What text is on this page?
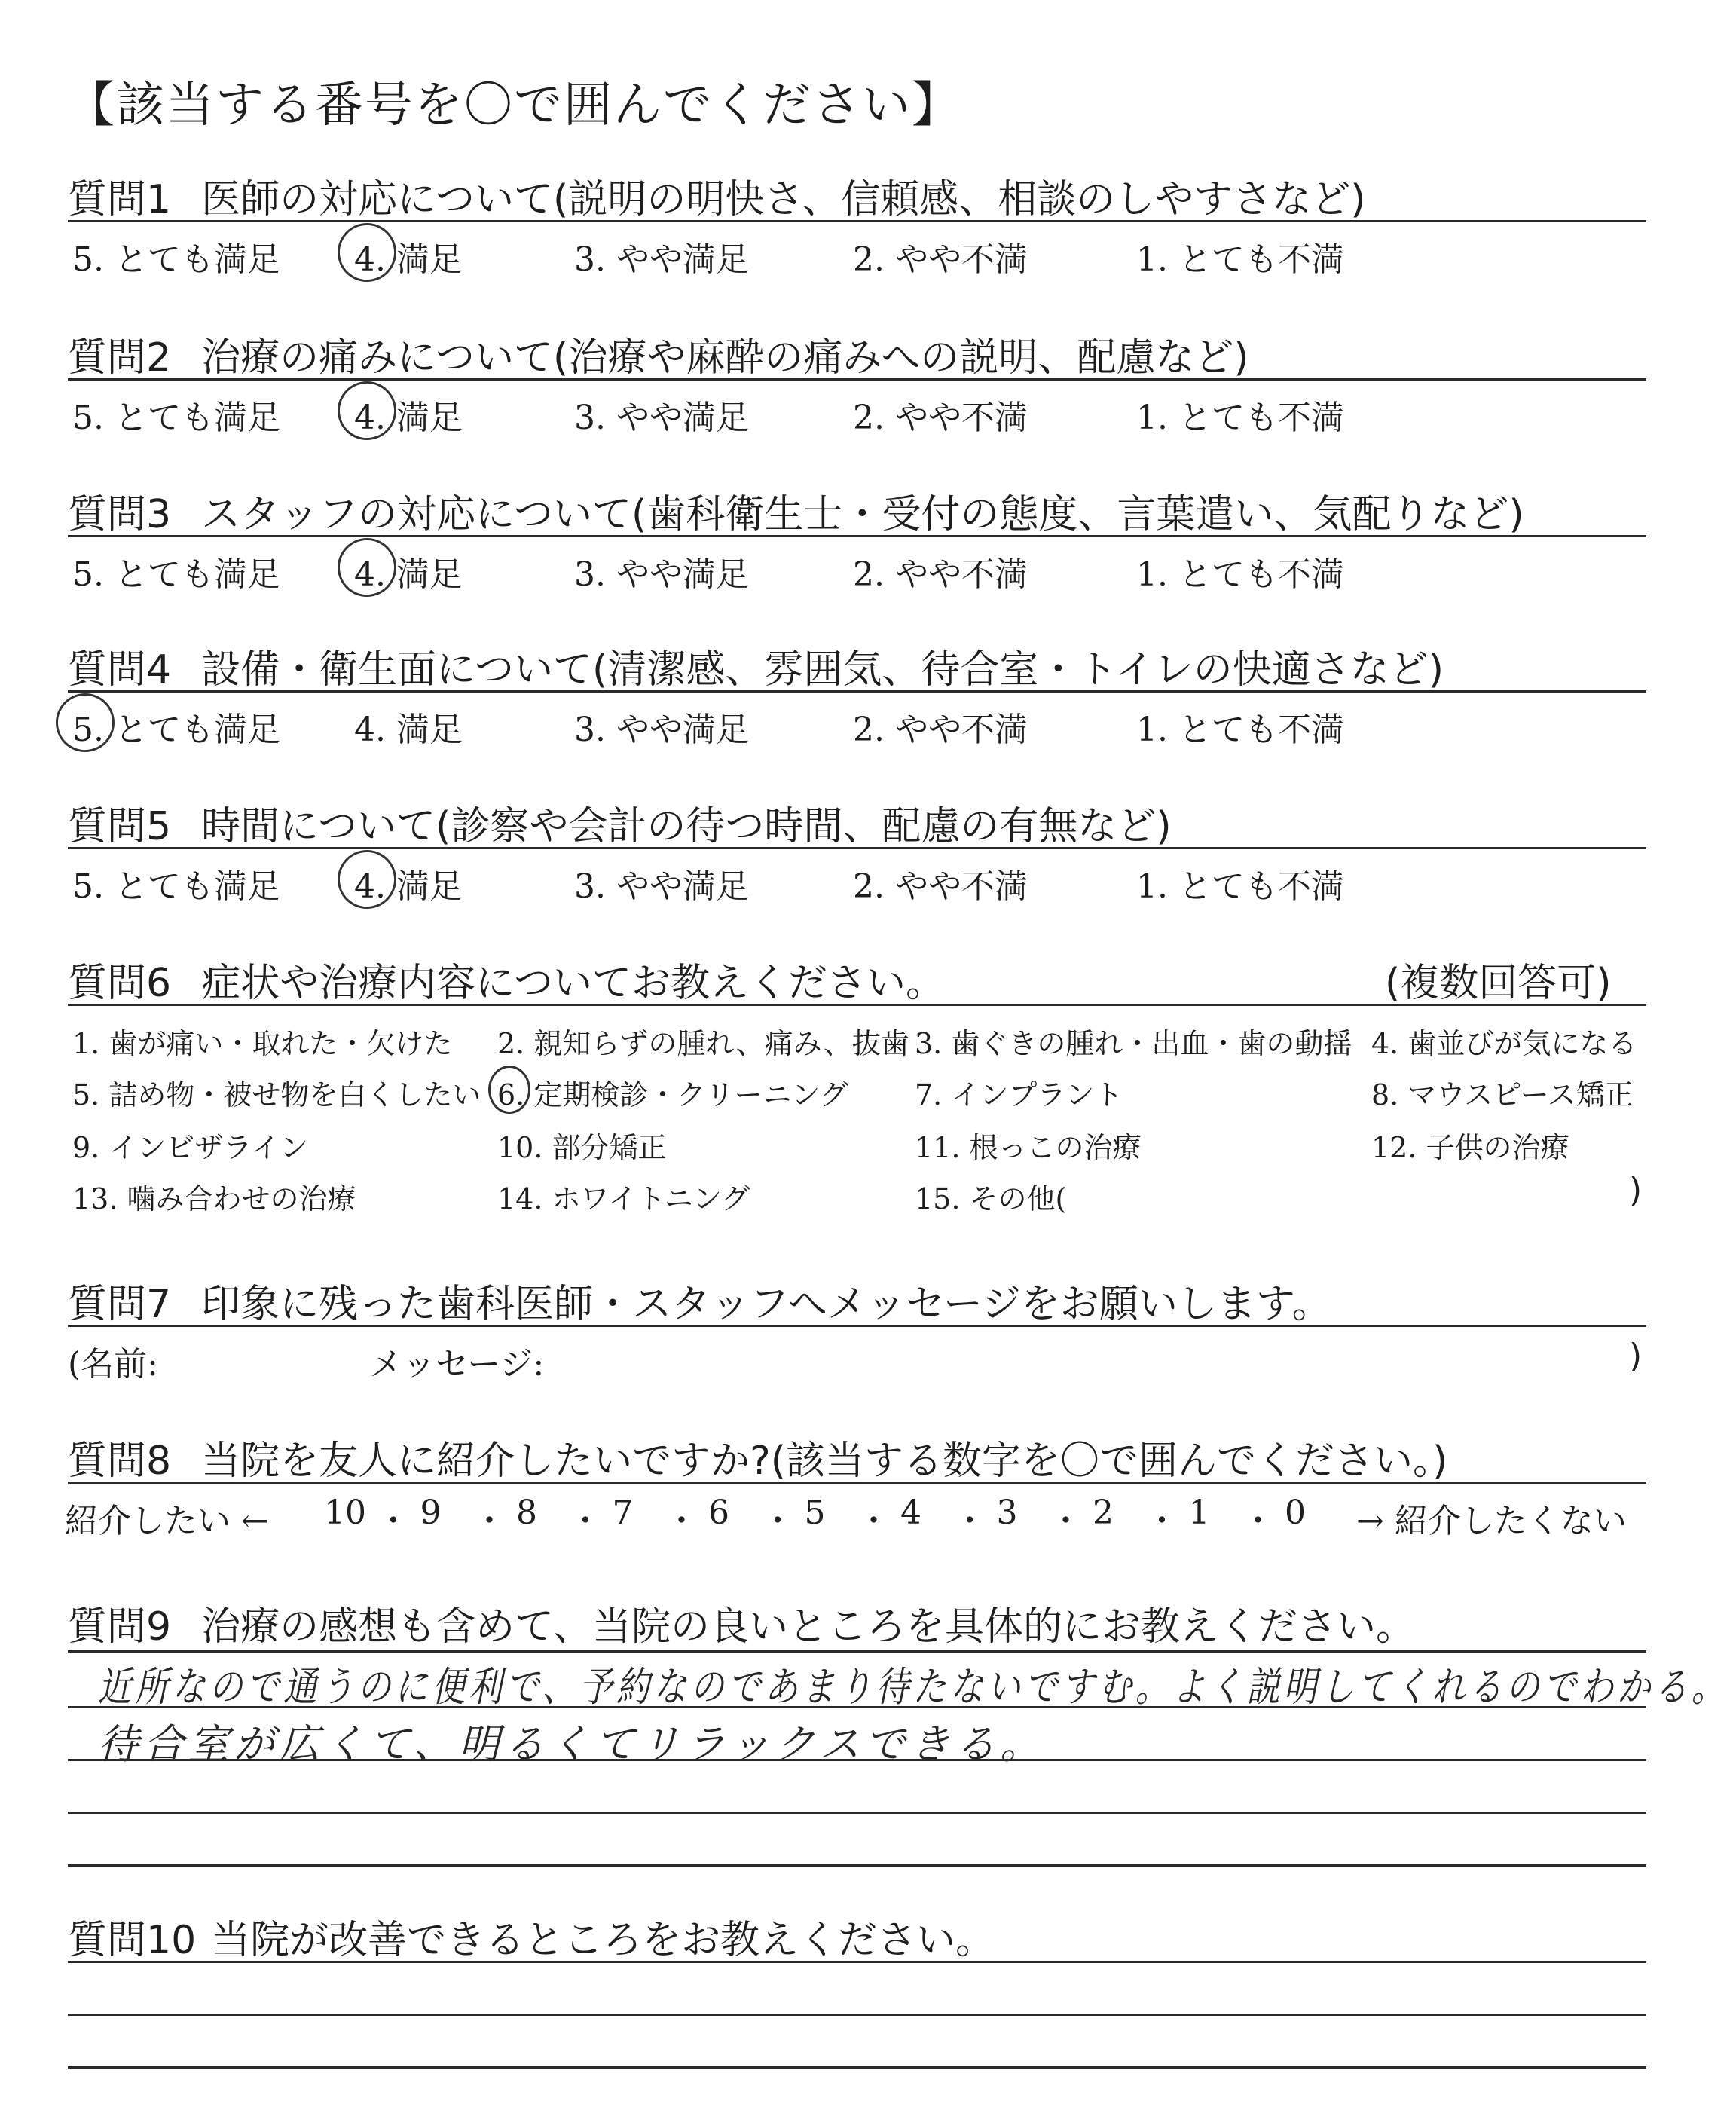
【該当する番号を〇で囲んでください】
質問1 医師の対応について(説明の明快さ、信頼感、相談のしやすさなど)
5. とても満足 4. 満足	3. やや満足	2. やや不満	1. とても不満
質問2 治療の痛みについて(治療や麻酔の痛みへの説明、配慮など)
5. とても満足 4. 満足	3. やや満足	2. やや不満	1. とても不満
質問3 スタッフの対応について(歯科衛生士・受付の態度、言葉遣い、気配りなど)
5. とても満足 4. 満足	3. やや満足	2. やや不満	1. とても不満
質問4 設備・衛生面について(清潔感、雰囲気、待合室・トイレの快適さなど)
5. とても満足 4. 満足	3. やや満足	2. やや不満	1. とても不満
質問5 時間について(診察や会計の待つ時間、配慮の有無など)
5. とても満足 4. 満足	3. やや満足	2. やや不満	1. とても不満
質問6 症状や治療内容についてお教えください。	(複数回答可)
1. 歯が痛い・取れた・欠けた 2. 親知らずの腫れ、痛み、抜歯 3. 歯ぐきの腫れ・出血・歯の動揺 4. 歯並びが気になる
5. 詰め物・被せ物を白くしたい 6. 定期検診・クリーニング 7. インプラント	8. マウスピース矯正
9. インビザライン	10. 部分矯正	11. 根っこの治療	12. 子供の治療
13. 噛み合わせの治療	14. ホワイトニング	15. その他(	)
質問7 印象に残った歯科医師・スタッフへメッセージをお願いします。
(名前:	メッセージ:	)
質問8 当院を友人に紹介したいですか?(該当する数字を〇で囲んでください。)
紹介したい ← 10 ・ 9 ・ 8 ・ 7 ・ 6 ・ 5 ・ 4 ・ 3 ・ 2 ・ 1 ・ 0 → 紹介したくない
質問9 治療の感想も含めて、当院の良いところを具体的にお教えください。
近所なので通うのに便利で、予約なのであまり待たないですむ。よく説明してくれるのでわかる。
待合室が広くて、明るくてリラックスできる。
質問10 当院が改善できるところをお教えください。
